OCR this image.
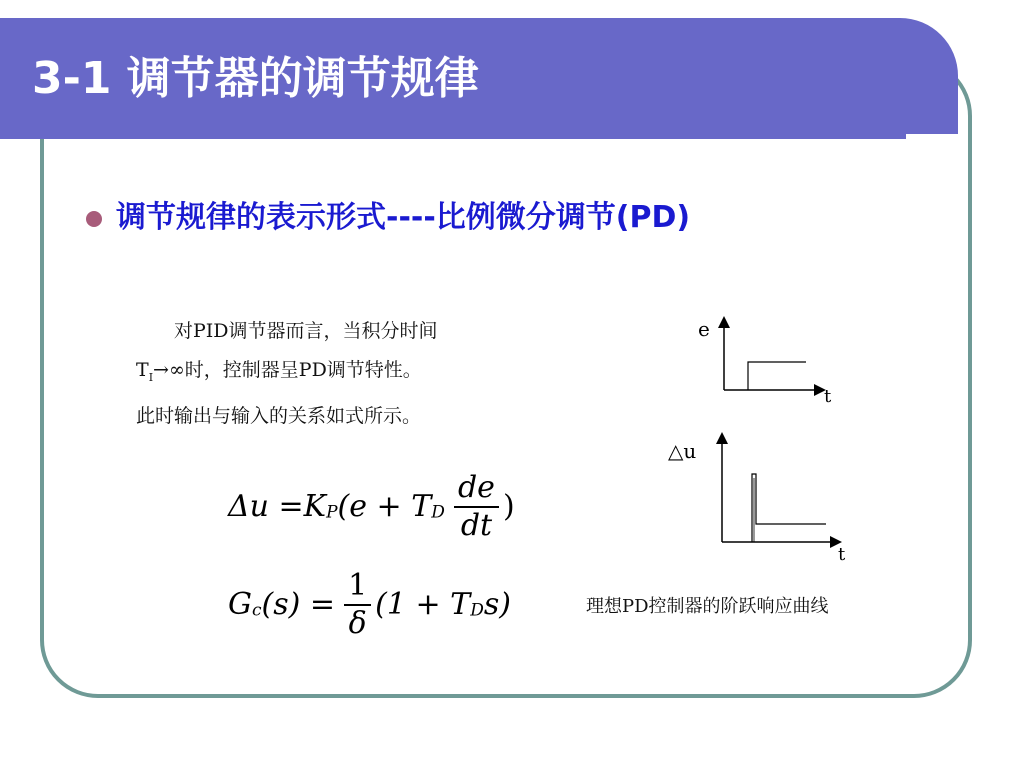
3-1 调节器的调节规律
调节规律的表示形式----比例微分调节(PD)
对PID调节器而言，当积分时间
$T_I\to\infty$时，控制器呈PD调节特性。
此时输出与输入的关系如式所示。
Δu =KP(e + TD $\frac{de}{dt}$ )
$Gc(s) = \frac{1}{\delta} (1 + TDs)$
e
t
△u
t
理想PD控制器的阶跃响应曲线
